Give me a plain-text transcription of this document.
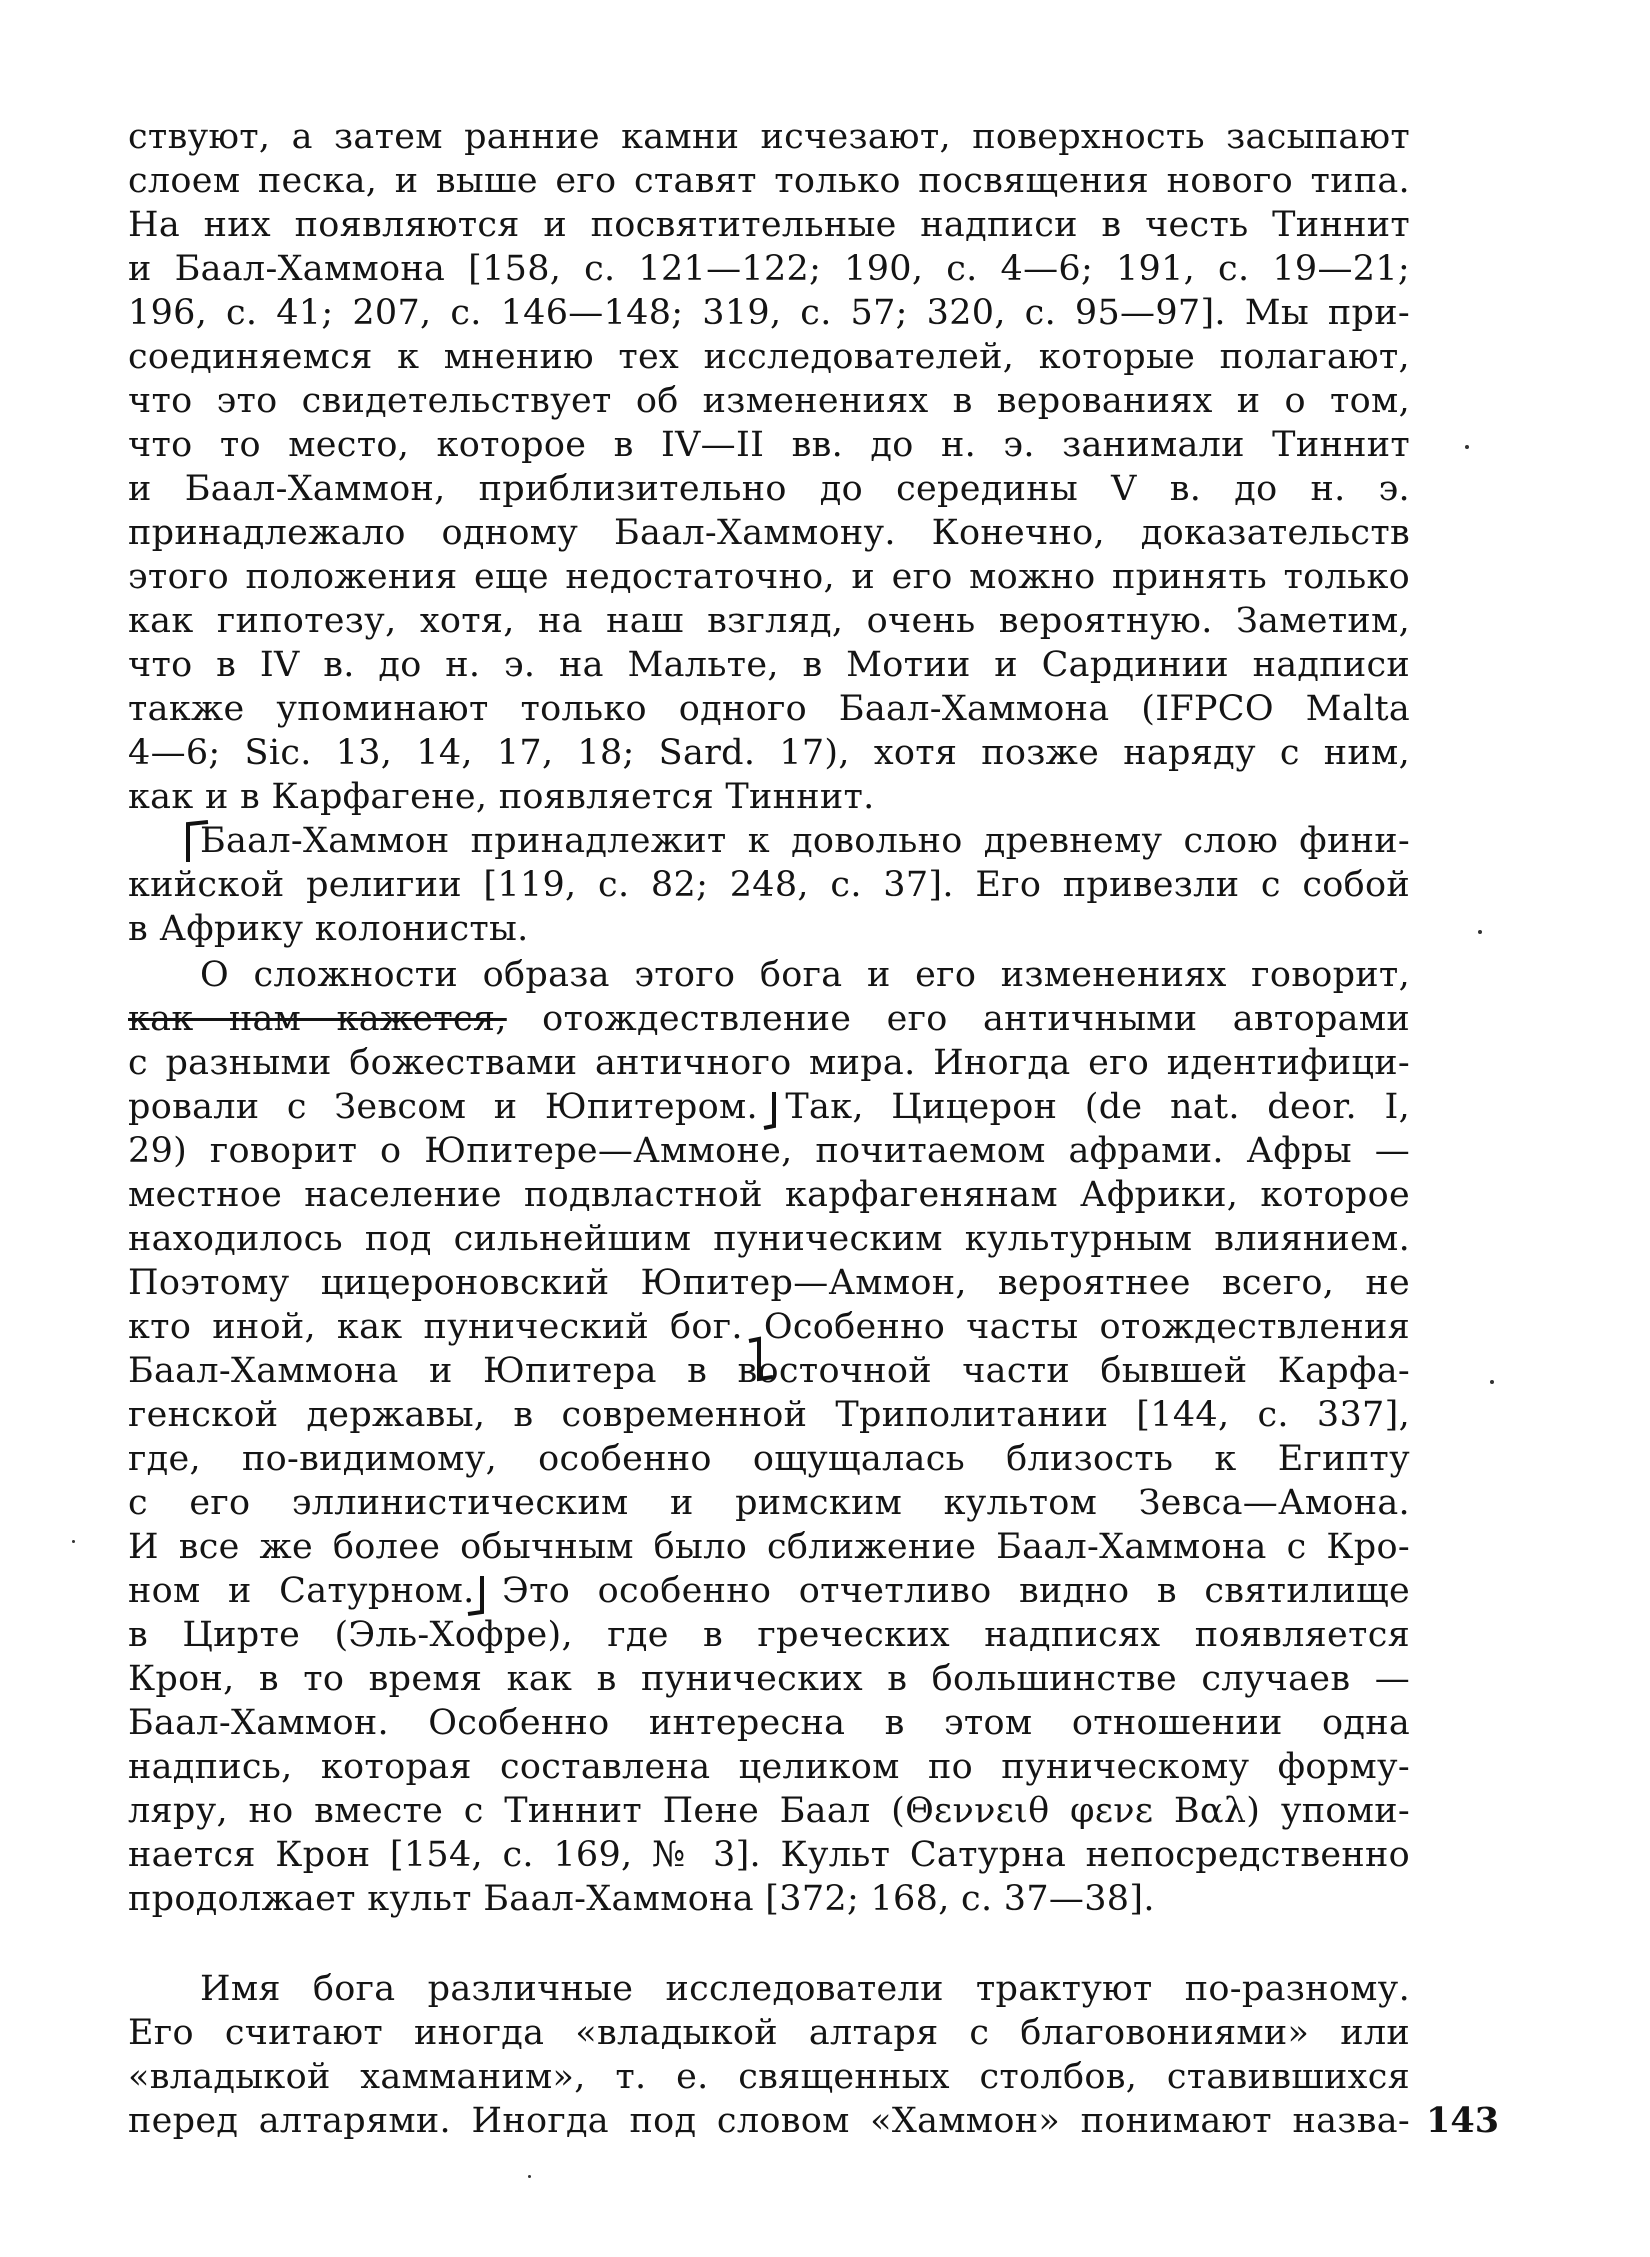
ствуют, а затем ранние камни исчезают, поверхность засыпают
слоем песка, и выше его ставят только посвящения нового типа.
На них появляются и посвятительные надписи в честь Тиннит
и Баал-Хаммона [158, с. 121—122; 190, с. 4—6; 191, с. 19—21;
196, с. 41; 207, с. 146—148; 319, с. 57; 320, с. 95—97]. Мы при-
соединяемся к мнению тех исследователей, которые полагают,
что это свидетельствует об изменениях в верованиях и о том,
что то место, которое в IV—II вв. до н. э. занимали Тиннит
и Баал-Хаммон, приблизительно до середины V в. до н. э.
принадлежало одному Баал-Хаммону. Конечно, доказательств
этого положения еще недостаточно, и его можно принять только
как гипотезу, хотя, на наш взгляд, очень вероятную. Заметим,
что в IV в. до н. э. на Мальте, в Мотии и Сардинии надписи
также упоминают только одного Баал-Хаммона (IFPCO Malta
4—6; Sic. 13, 14, 17, 18; Sard. 17), хотя позже наряду с ним,
как и в Карфагене, появляется Тиннит.
Баал-Хаммон принадлежит к довольно древнему слою фини-
кийской религии [119, с. 82; 248, с. 37]. Его привезли с собой
в Африку колонисты.
О сложности образа этого бога и его изменениях говорит,
как нам кажется, отождествление его античными авторами
с разными божествами античного мира. Иногда его идентифици-
ровали с Зевсом и Юпитером. Так, Цицерон (de nat. deor. I,
29) говорит о Юпитере—Аммоне, почитаемом афрами. Афры —
местное население подвластной карфагенянам Африки, которое
находилось под сильнейшим пуническим культурным влиянием.
Поэтому цицероновский Юпитер—Аммон, вероятнее всего, не
кто иной, как пунический бог. Особенно часты отождествления
Баал-Хаммона и Юпитера в восточной части бывшей Карфа-
генской державы, в современной Триполитании [144, с. 337],
где, по-видимому, особенно ощущалась близость к Египту
с его эллинистическим и римским культом Зевса—Амона.
И все же более обычным было сближение Баал-Хаммона с Кро-
ном и Сатурном. Это особенно отчетливо видно в святилище
в Цирте (Эль-Хофре), где в греческих надписях появляется
Крон, в то время как в пунических в большинстве случаев —
Баал-Хаммон. Особенно интересна в этом отношении одна
надпись, которая составлена целиком по пуническому форму-
ляру, но вместе с Тиннит Пене Баал (Θεννειθ φενε Βαλ) упоми-
нается Крон [154, с. 169, № 3]. Культ Сатурна непосредственно
продолжает культ Баал-Хаммона [372; 168, с. 37—38].
Имя бога различные исследователи трактуют по-разному.
Его считают иногда «владыкой алтаря с благовониями» или
«владыкой хамманим», т. е. священных столбов, ставившихся
перед алтарями. Иногда под словом «Хаммон» понимают назва- 143
